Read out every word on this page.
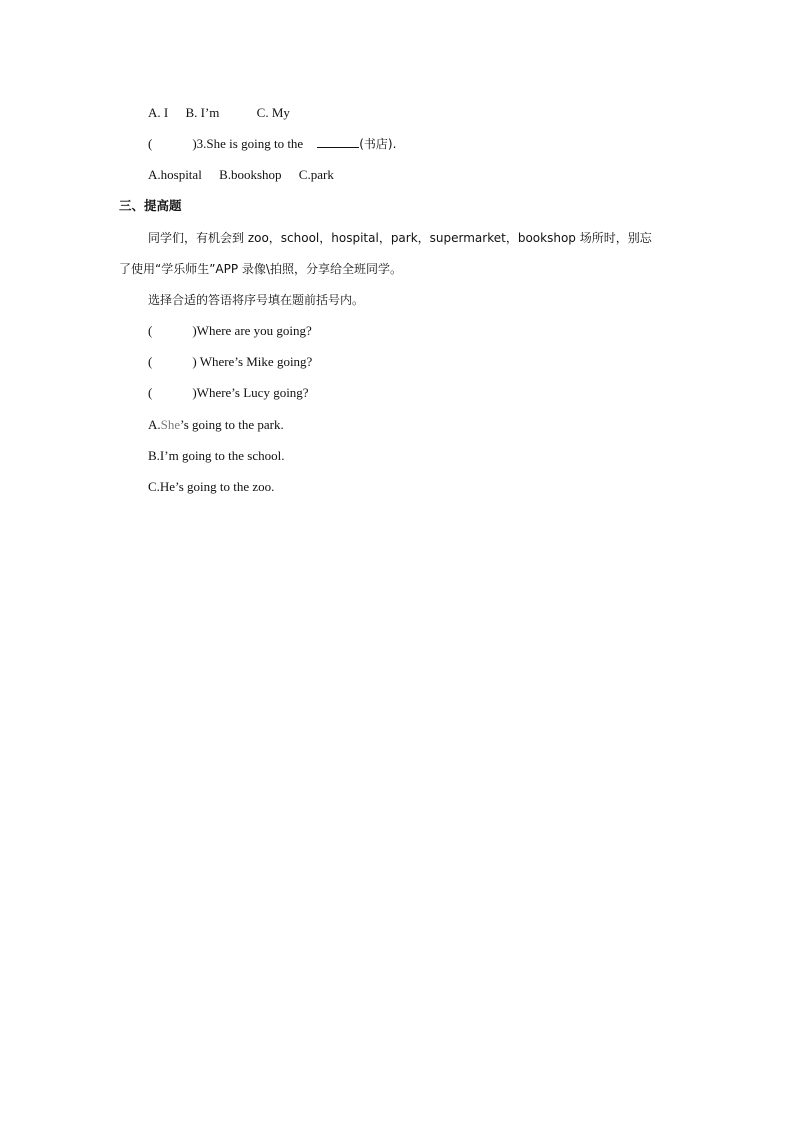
A. I B. I’m	C. My
(	)3.She is going to the	(书店).
A.hospital B.bookshop C.park
三、提高题
同学们，有机会到 zoo，school，hospital，park，supermarket，bookshop 场所时，别忘
了使用“学乐师生”APP 录像\拍照，分享给全班同学。
选择合适的答语将序号填在题前括号内。
(	)Where are you going?
(	) Where’s Mike going?
(	)Where’s Lucy going?
A.She’s going to the park.
B.I’m going to the school.
C.He’s going to the zoo.
